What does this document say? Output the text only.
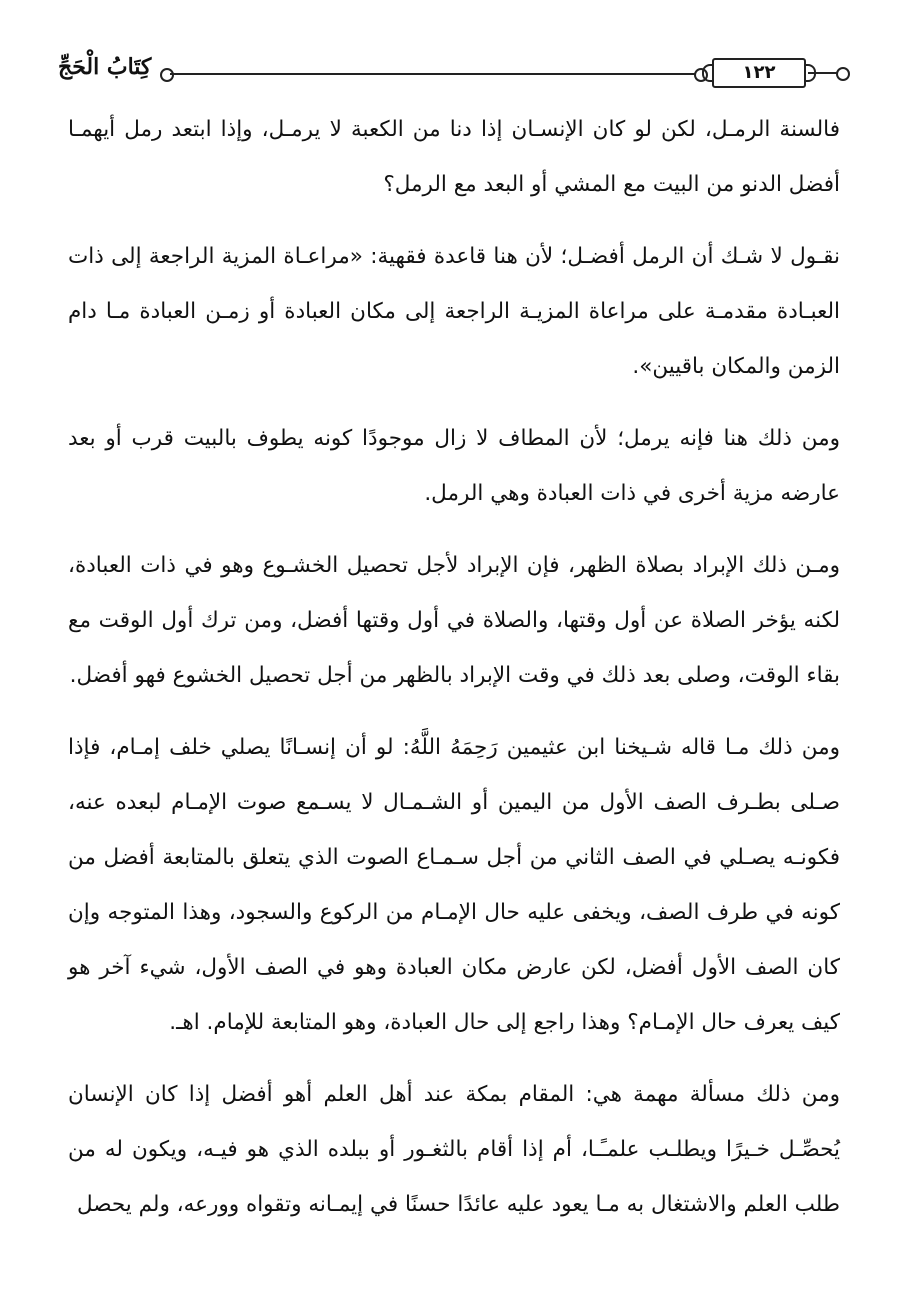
كِتَابُ الْحَجِّ	١٢٢

فالسنة الرمـل، لكن لو كان الإنسـان إذا دنا من الكعبة لا يرمـل، وإذا ابتعد رمل أيهمـا أفضل الدنو من البيت مع المشي أو البعد مع الرمل؟

نقـول لا شـك أن الرمل أفضـل؛ لأن هنا قاعدة فقهية: «مراعـاة المزية الراجعة إلى ذات العبـادة مقدمـة على مراعاة المزيـة الراجعة إلى مكان العبادة أو زمـن العبادة مـا دام الزمن والمكان باقيين».

ومن ذلك هنا فإنه يرمل؛ لأن المطاف لا زال موجودًا كونه يطوف بالبيت قرب أو بعد عارضه مزية أخرى في ذات العبادة وهي الرمل.

ومـن ذلك الإبراد بصلاة الظهر، فإن الإبراد لأجل تحصيل الخشـوع وهو في ذات العبادة، لكنه يؤخر الصلاة عن أول وقتها، والصلاة في أول وقتها أفضل، ومن ترك أول الوقت مع بقاء الوقت، وصلى بعد ذلك في وقت الإبراد بالظهر من أجل تحصيل الخشوع فهو أفضل.

ومن ذلك مـا قاله شـيخنا ابن عثيمين رَحِمَهُ اللَّهُ: لو أن إنسـانًا يصلي خلف إمـام، فإذا صـلى بطـرف الصف الأول من اليمين أو الشـمـال لا يسـمع صوت الإمـام لبعده عنه، فكونـه يصـلي في الصف الثاني من أجل سـمـاع الصوت الذي يتعلق بالمتابعة أفضل من كونه في طرف الصف، ويخفى عليه حال الإمـام من الركوع والسجود، وهذا المتوجه وإن كان الصف الأول أفضل، لكن عارض مكان العبادة وهو في الصف الأول، شيء آخر هو كيف يعرف حال الإمـام؟ وهذا راجع إلى حال العبادة، وهو المتابعة للإمام. اهـ.

ومن ذلك مسألة مهمة هي: المقام بمكة عند أهل العلم أهو أفضل إذا كان الإنسان يُحصِّـل خـيرًا ويطلـب علمـًـا، أم إذا أقام بالثغـور أو ببلده الذي هو فيـه، ويكون له من طلب العلم والاشتغال به مـا يعود عليه عائدًا حسنًا في إيمـانه وتقواه وورعه، ولم يحصل
